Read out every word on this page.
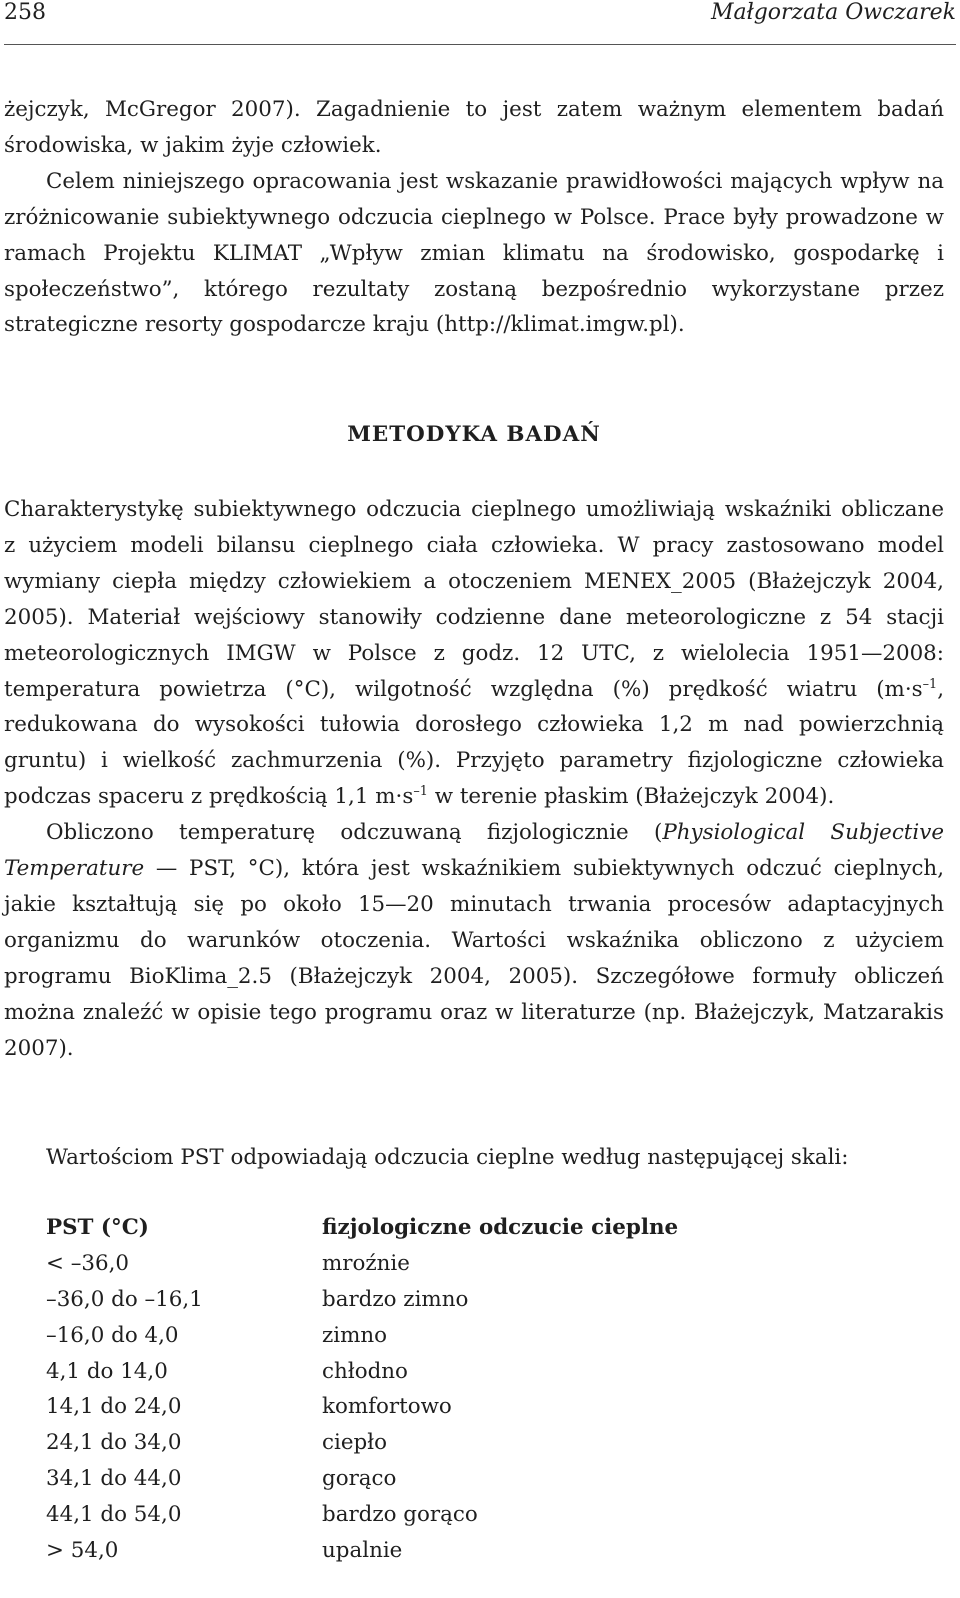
258	Małgorzata Owczarek

żejczyk, McGregor 2007). Zagadnienie to jest zatem ważnym elementem badań środowiska, w jakim żyje człowiek.

Celem niniejszego opracowania jest wskazanie prawidłowości mających wpływ na zróżnicowanie subiektywnego odczucia cieplnego w Polsce. Prace były prowadzone w ramach Projektu KLIMAT „Wpływ zmian klimatu na środowisko, gospodarkę i społeczeństwo”, którego rezultaty zostaną bezpośrednio wykorzystane przez strategiczne resorty gospodarcze kraju (http://klimat.imgw.pl).

METODYKA BADAŃ

Charakterystykę subiektywnego odczucia cieplnego umożliwiają wskaźniki obliczane z użyciem modeli bilansu cieplnego ciała człowieka. W pracy zastosowano model wymiany ciepła między człowiekiem a otoczeniem MENEX_2005 (Błażejczyk 2004, 2005). Materiał wejściowy stanowiły codzienne dane meteorologiczne z 54 stacji meteorologicznych IMGW w Polsce z godz. 12 UTC, z wielolecia 1951—2008: temperatura powietrza (°C), wilgotność względna (%) prędkość wiatru ($m\cdot s^{-1}$, redukowana do wysokości tułowia dorosłego człowieka 1,2 m nad powierzchnią gruntu) i wielkość zachmurzenia (%). Przyjęto parametry fizjologiczne człowieka podczas spaceru z prędkością 1,1 $m\cdot s^{-1}$ w terenie płaskim (Błażejczyk 2004).

Obliczono temperaturę odczuwaną fizjologicznie (Physiological Subjective Temperature — PST, °C), która jest wskaźnikiem subiektywnych odczuć cieplnych, jakie kształtują się po około 15—20 minutach trwania procesów adaptacyjnych organizmu do warunków otoczenia. Wartości wskaźnika obliczono z użyciem programu BioKlima_2.5 (Błażejczyk 2004, 2005). Szczegółowe formuły obliczeń można znaleźć w opisie tego programu oraz w literaturze (np. Błażejczyk, Matzarakis 2007).

Wartościom PST odpowiadają odczucia cieplne według następującej skali:
PST (°C)	fizjologiczne odczucie cieplne
< –36,0	mroźnie
–36,0 do –16,1	bardzo zimno
–16,0 do 4,0	zimno
4,1 do 14,0	chłodno
14,1 do 24,0	komfortowo
24,1 do 34,0	ciepło
34,1 do 44,0	gorąco
44,1 do 54,0	bardzo gorąco
> 54,0	upalnie
